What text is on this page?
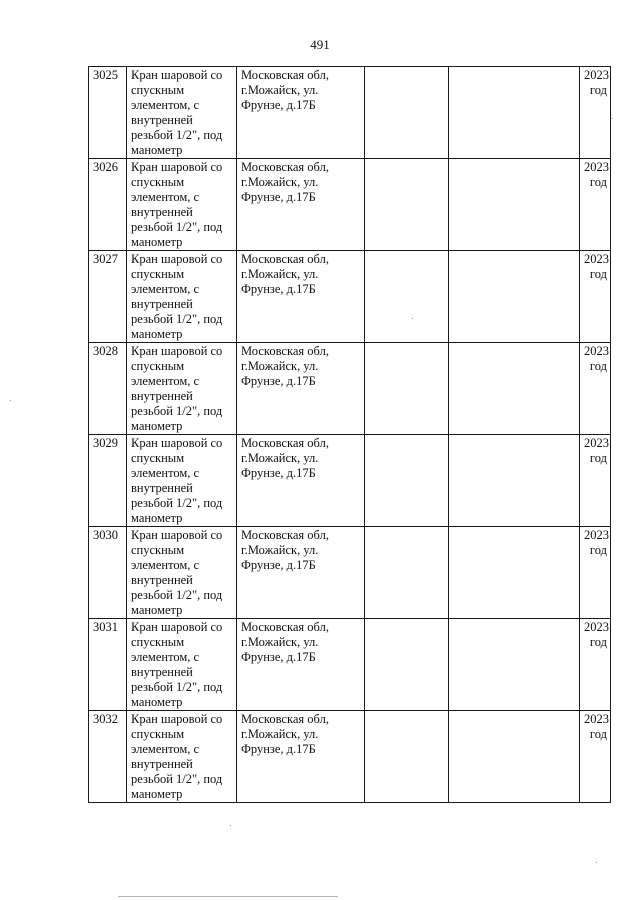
491
3025	Кран шаровой со спускным элементом, с внутренней резьбой 1/2", под манометр	Московская обл, г.Можайск, ул. Фрунзе, д.17Б			2023 год
3026	Кран шаровой со спускным элементом, с внутренней резьбой 1/2", под манометр	Московская обл, г.Можайск, ул. Фрунзе, д.17Б			2023 год
3027	Кран шаровой со спускным элементом, с внутренней резьбой 1/2", под манометр	Московская обл, г.Можайск, ул. Фрунзе, д.17Б			2023 год
3028	Кран шаровой со спускным элементом, с внутренней резьбой 1/2", под манометр	Московская обл, г.Можайск, ул. Фрунзе, д.17Б			2023 год
3029	Кран шаровой со спускным элементом, с внутренней резьбой 1/2", под манометр	Московская обл, г.Можайск, ул. Фрунзе, д.17Б			2023 год
3030	Кран шаровой со спускным элементом, с внутренней резьбой 1/2", под манометр	Московская обл, г.Можайск, ул. Фрунзе, д.17Б			2023 год
3031	Кран шаровой со спускным элементом, с внутренней резьбой 1/2", под манометр	Московская обл, г.Можайск, ул. Фрунзе, д.17Б			2023 год
3032	Кран шаровой со спускным элементом, с внутренней резьбой 1/2", под манометр	Московская обл, г.Можайск, ул. Фрунзе, д.17Б			2023 год
